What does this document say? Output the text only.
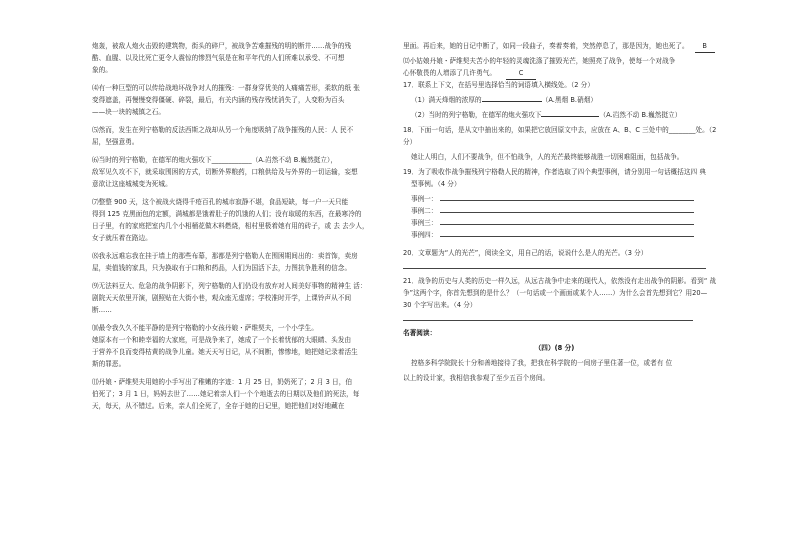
炮轰，被敌人炮火击毁的建筑物，街头的碎尸，被战争苦难摧残的明的断井……战争的残
酷、血腥、以及比死亡更令人震惊的惨烈气氛是在和平年代的人们所难以承受、不可想
象的。
⑷有一种巨型的可以传给战地坏战争对人的摧残：一群身穿优美的人痛痛苦形，柔软的纸 张
变得遮盖，再慢慢变得僵硬、碎裂，最后，有关内涵的残存残忧消失了，人变粉为百头
——块一块的城镇之石。
⑸然而，发生在列宁格勒的反法西斯之战却从另一个角度吸纳了战争摧残的人民：人 民不
屈，坚强意勇。
⑹当时的列宁格勒，在德军的炮火强攻下____________（A.岿然不动 B.巍然挺立），
敌军见久攻不下，就采取围困的方式，切断外界粮药，口粮供给及与外界的一切运输，妄想
意欲让这座城城变为死城。
⑺整整 900 天，这个被战火烧得千疮百孔的城市寂静不堪，食品短缺，每一户一天只能
得到 125 克黑面包的定额，满城都是饿着肚子的饥饿的人们；没有取暖的东西，在最寒冷的
日子里，有的家庭把室内几个小相桶花做木料燃烧，相村里极着她有用的砖子，或 去 去少人，
女子就压着在路边。
⑻我永远难忘我在挂于墙上的那些布幕，那都是列宁格勒人在围困期间出的：卖首饰，卖房
屋，卖值钱的家具，只为换取有于口粮和药品，人们为国活下去，力图抗争胜利的信念。
⑼无法料豆大、危急的战争阴影下，列宁格勒的人们仍设有放弃对人间美好事物的精神生 活：
剧院天天依里开演，剧照贴在大街小巷，观众座无虚席；学校准时开学，上课铃声从不间
断……
⑽最令我久久不能平静的是列宁格勒的小女孩丹娘・萨维契夫，一个小学生。
她原本有一个和睦幸福的大家庭，可是战争来了，她成了一个长着忧郁的大眼睛、头发由
于营养不良而变得枯黄的战争儿童。她天天写日记，从不间断，惨惨地，她把她记录着活生
斯的罪恶。
⑾丹娘・萨维契夫用她的小手写出了稚嫩的字迹：1 月 25 日，奶奶死了；2 月 3 日，伯
伯死了；3 月 1 日，妈妈去世了……她记着亲人们一个个地逝去的日期以及他们的死法，每
天，每天，从不错过。后来，亲人们全死了，全存于她的日记里，她把他们对好地藏在
里面。再后来，她的日记中断了，如同一段曲子，奏着奏着，突然停息了，那是因为，她也死了。 B
⑿小姑娘丹娘・萨维契夫苦小的年轻的灵魂洗涤了摧毁光芒，她照亮了战争，使每一个对战争
心怀敬畏的人增添了几许勇气。	C
17．联系上下文，在括号里选择恰当的词语填入横线处。（2 分）
（1）满天烽烟的浓厚的	（A.黑烟 B.硝烟）
（2）当时的列宁格勒，在德军的炮火强攻下	（A.岿然不动 B.巍然挺立）
18．下面一句话，是从文中抽出来的，如果把它放回原文中去，应放在 A、B、C 三处中的________处。（2
分）
她让人明白，人们不要战争，但不怕战争，人的光芒最终能够战胜一切困难阻面，包括战争。
19．为了吸收作战争摧残列宁格勒人民的精神，作者选取了四个典型事例，请分别用一句话概括这四 典
型事例。（4 分）
事例一：
事例二：
事例三：
事例四：
20．文章题为“人的光芒”，阅读全文，用自己的话，说说什么是人的光芒。（3 分）
21．战争的历史与人类的历史一样久远，从远古战争中走来的现代人，依然没有走出战争的阴影。看到“ 战
争”这两个字，你首先想到的是什么？（一句话或一个画面或某个人……）为什么会首先想到它？用20—
30 个字写出来。（4 分）
名著阅读：
（四）(8 分)
控格多科学院院长十分和善地接待了我，把我在科学院的一间房子里住著一位，或者有 位
以上的设计家，我相信我参观了至少五百个房间。
